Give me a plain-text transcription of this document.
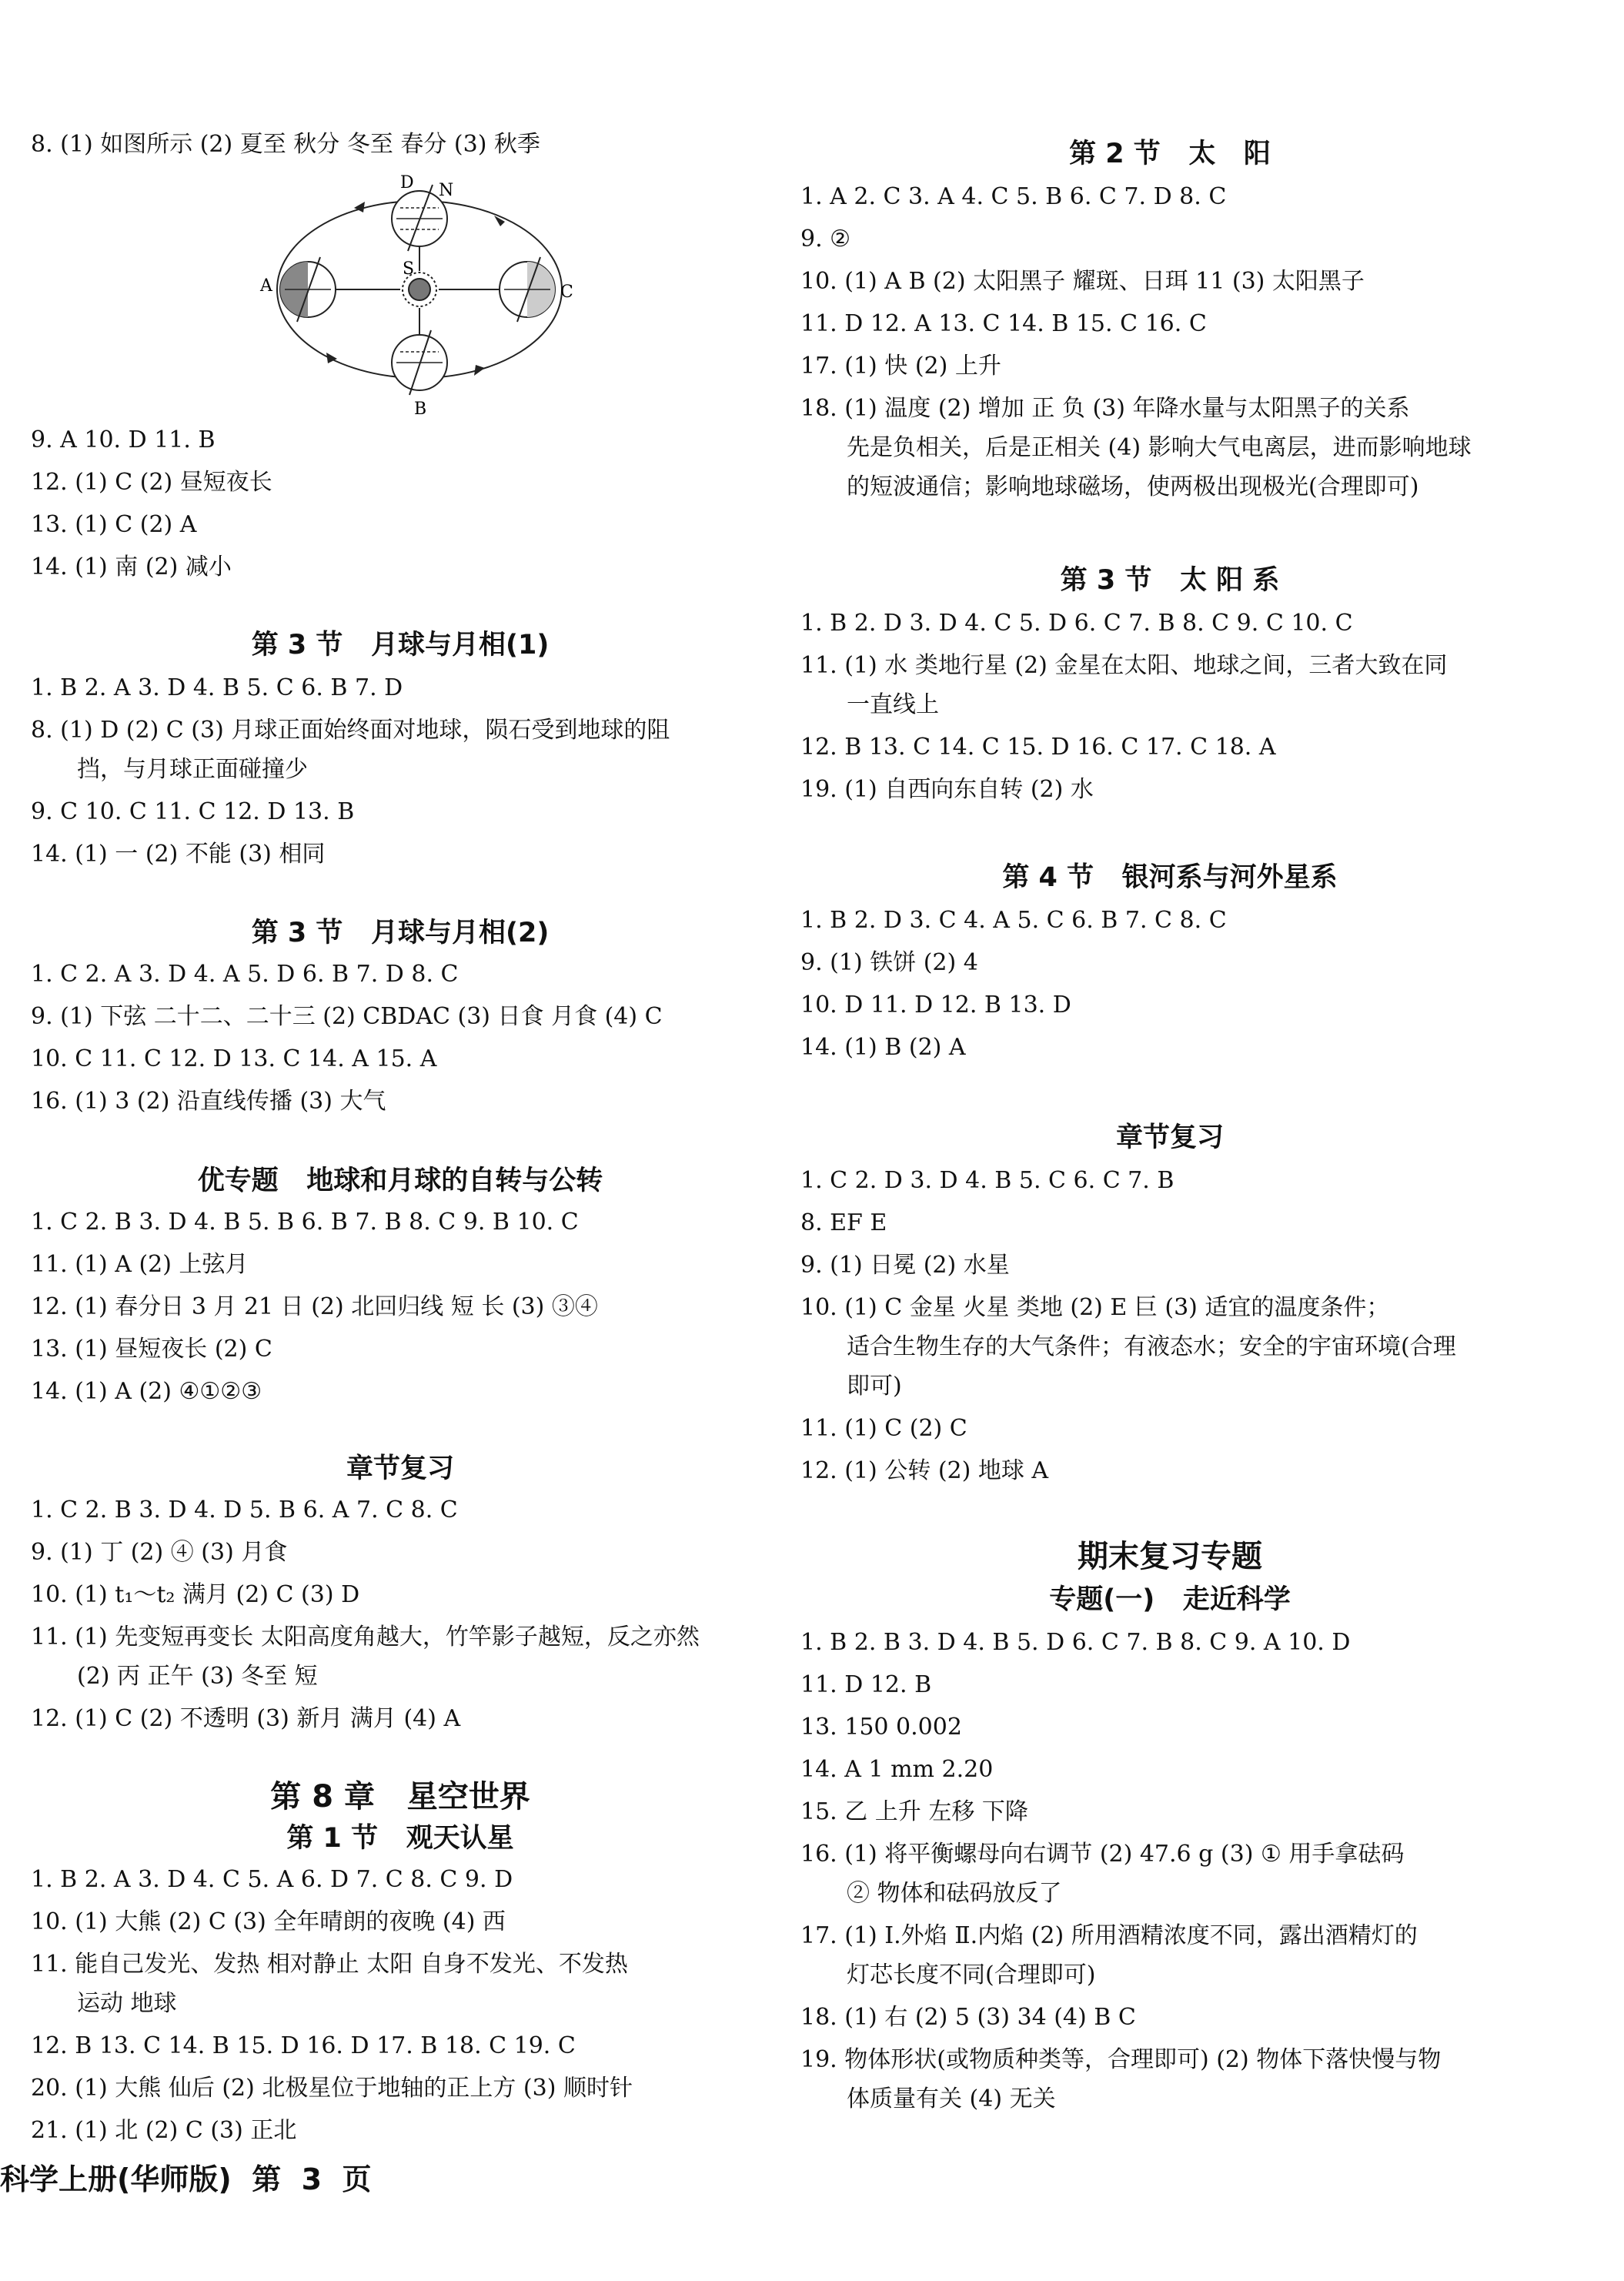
8. (1) 如图所示 (2) 夏至 秋分 冬至 春分 (3) 秋季
D N
S
A	C
B
9. A 10. D 11. B
12. (1) C (2) 昼短夜长
13. (1) C (2) A
14. (1) 南 (2) 减小
第 3 节   月球与月相(1)
1. B 2. A 3. D 4. B 5. C 6. B 7. D
8. (1) D (2) C (3) 月球正面始终面对地球，陨石受到地球的阻
挡，与月球正面碰撞少
9. C 10. C 11. C 12. D 13. B
14. (1) 一 (2) 不能 (3) 相同
第 3 节   月球与月相(2)
1. C 2. A 3. D 4. A 5. D 6. B 7. D 8. C
9. (1) 下弦 二十二、二十三 (2) CBDAC (3) 日食 月食 (4) C
10. C 11. C 12. D 13. C 14. A 15. A
16. (1) 3 (2) 沿直线传播 (3) 大气
优专题   地球和月球的自转与公转
1. C 2. B 3. D 4. B 5. B 6. B 7. B 8. C 9. B 10. C
11. (1) A (2) 上弦月
12. (1) 春分日 3 月 21 日 (2) 北回归线 短 长 (3) ③④
13. (1) 昼短夜长 (2) C
14. (1) A (2) ④①②③
章节复习
1. C 2. B 3. D 4. D 5. B 6. A 7. C 8. C
9. (1) 丁 (2) ④ (3) 月食
10. (1) t₁～t₂ 满月 (2) C (3) D
11. (1) 先变短再变长 太阳高度角越大，竹竿影子越短，反之亦然
(2) 丙 正午 (3) 冬至 短
12. (1) C (2) 不透明 (3) 新月 满月 (4) A
第 8 章   星空世界
第 1 节   观天认星
1. B 2. A 3. D 4. C 5. A 6. D 7. C 8. C 9. D
10. (1) 大熊 (2) C (3) 全年晴朗的夜晚 (4) 西
11. 能自己发光、发热 相对静止 太阳 自身不发光、不发热
运动 地球
12. B 13. C 14. B 15. D 16. D 17. B 18. C 19. C
20. (1) 大熊 仙后 (2) 北极星位于地轴的正上方 (3) 顺时针
21. (1) 北 (2) C (3) 正北
科学上册(华师版)  第  3  页
第 2 节   太   阳
1. A 2. C 3. A 4. C 5. B 6. C 7. D 8. C
9. ②
10. (1) A B (2) 太阳黑子 耀斑、日珥 11 (3) 太阳黑子
11. D 12. A 13. C 14. B 15. C 16. C
17. (1) 快 (2) 上升
18. (1) 温度 (2) 增加 正 负 (3) 年降水量与太阳黑子的关系
先是负相关，后是正相关 (4) 影响大气电离层，进而影响地球
的短波通信；影响地球磁场，使两极出现极光(合理即可)
第 3 节   太 阳 系
1. B 2. D 3. D 4. C 5. D 6. C 7. B 8. C 9. C 10. C
11. (1) 水 类地行星 (2) 金星在太阳、地球之间，三者大致在同
一直线上
12. B 13. C 14. C 15. D 16. C 17. C 18. A
19. (1) 自西向东自转 (2) 水
第 4 节   银河系与河外星系
1. B 2. D 3. C 4. A 5. C 6. B 7. C 8. C
9. (1) 铁饼 (2) 4
10. D 11. D 12. B 13. D
14. (1) B (2) A
章节复习
1. C 2. D 3. D 4. B 5. C 6. C 7. B
8. EF E
9. (1) 日冕 (2) 水星
10. (1) C 金星 火星 类地 (2) E 巨 (3) 适宜的温度条件；
适合生物生存的大气条件；有液态水；安全的宇宙环境(合理
即可)
11. (1) C (2) C
12. (1) 公转 (2) 地球 A
期末复习专题
专题(一)   走近科学
1. B 2. B 3. D 4. B 5. D 6. C 7. B 8. C 9. A 10. D
11. D 12. B
13. 150 0.002
14. A 1 mm 2.20
15. 乙 上升 左移 下降
16. (1) 将平衡螺母向右调节 (2) 47.6 g (3) ① 用手拿砝码
② 物体和砝码放反了
17. (1) Ⅰ.外焰 Ⅱ.内焰 (2) 所用酒精浓度不同，露出酒精灯的
灯芯长度不同(合理即可)
18. (1) 右 (2) 5 (3) 34 (4) B C
19. 物体形状(或物质种类等，合理即可) (2) 物体下落快慢与物
体质量有关 (4) 无关
